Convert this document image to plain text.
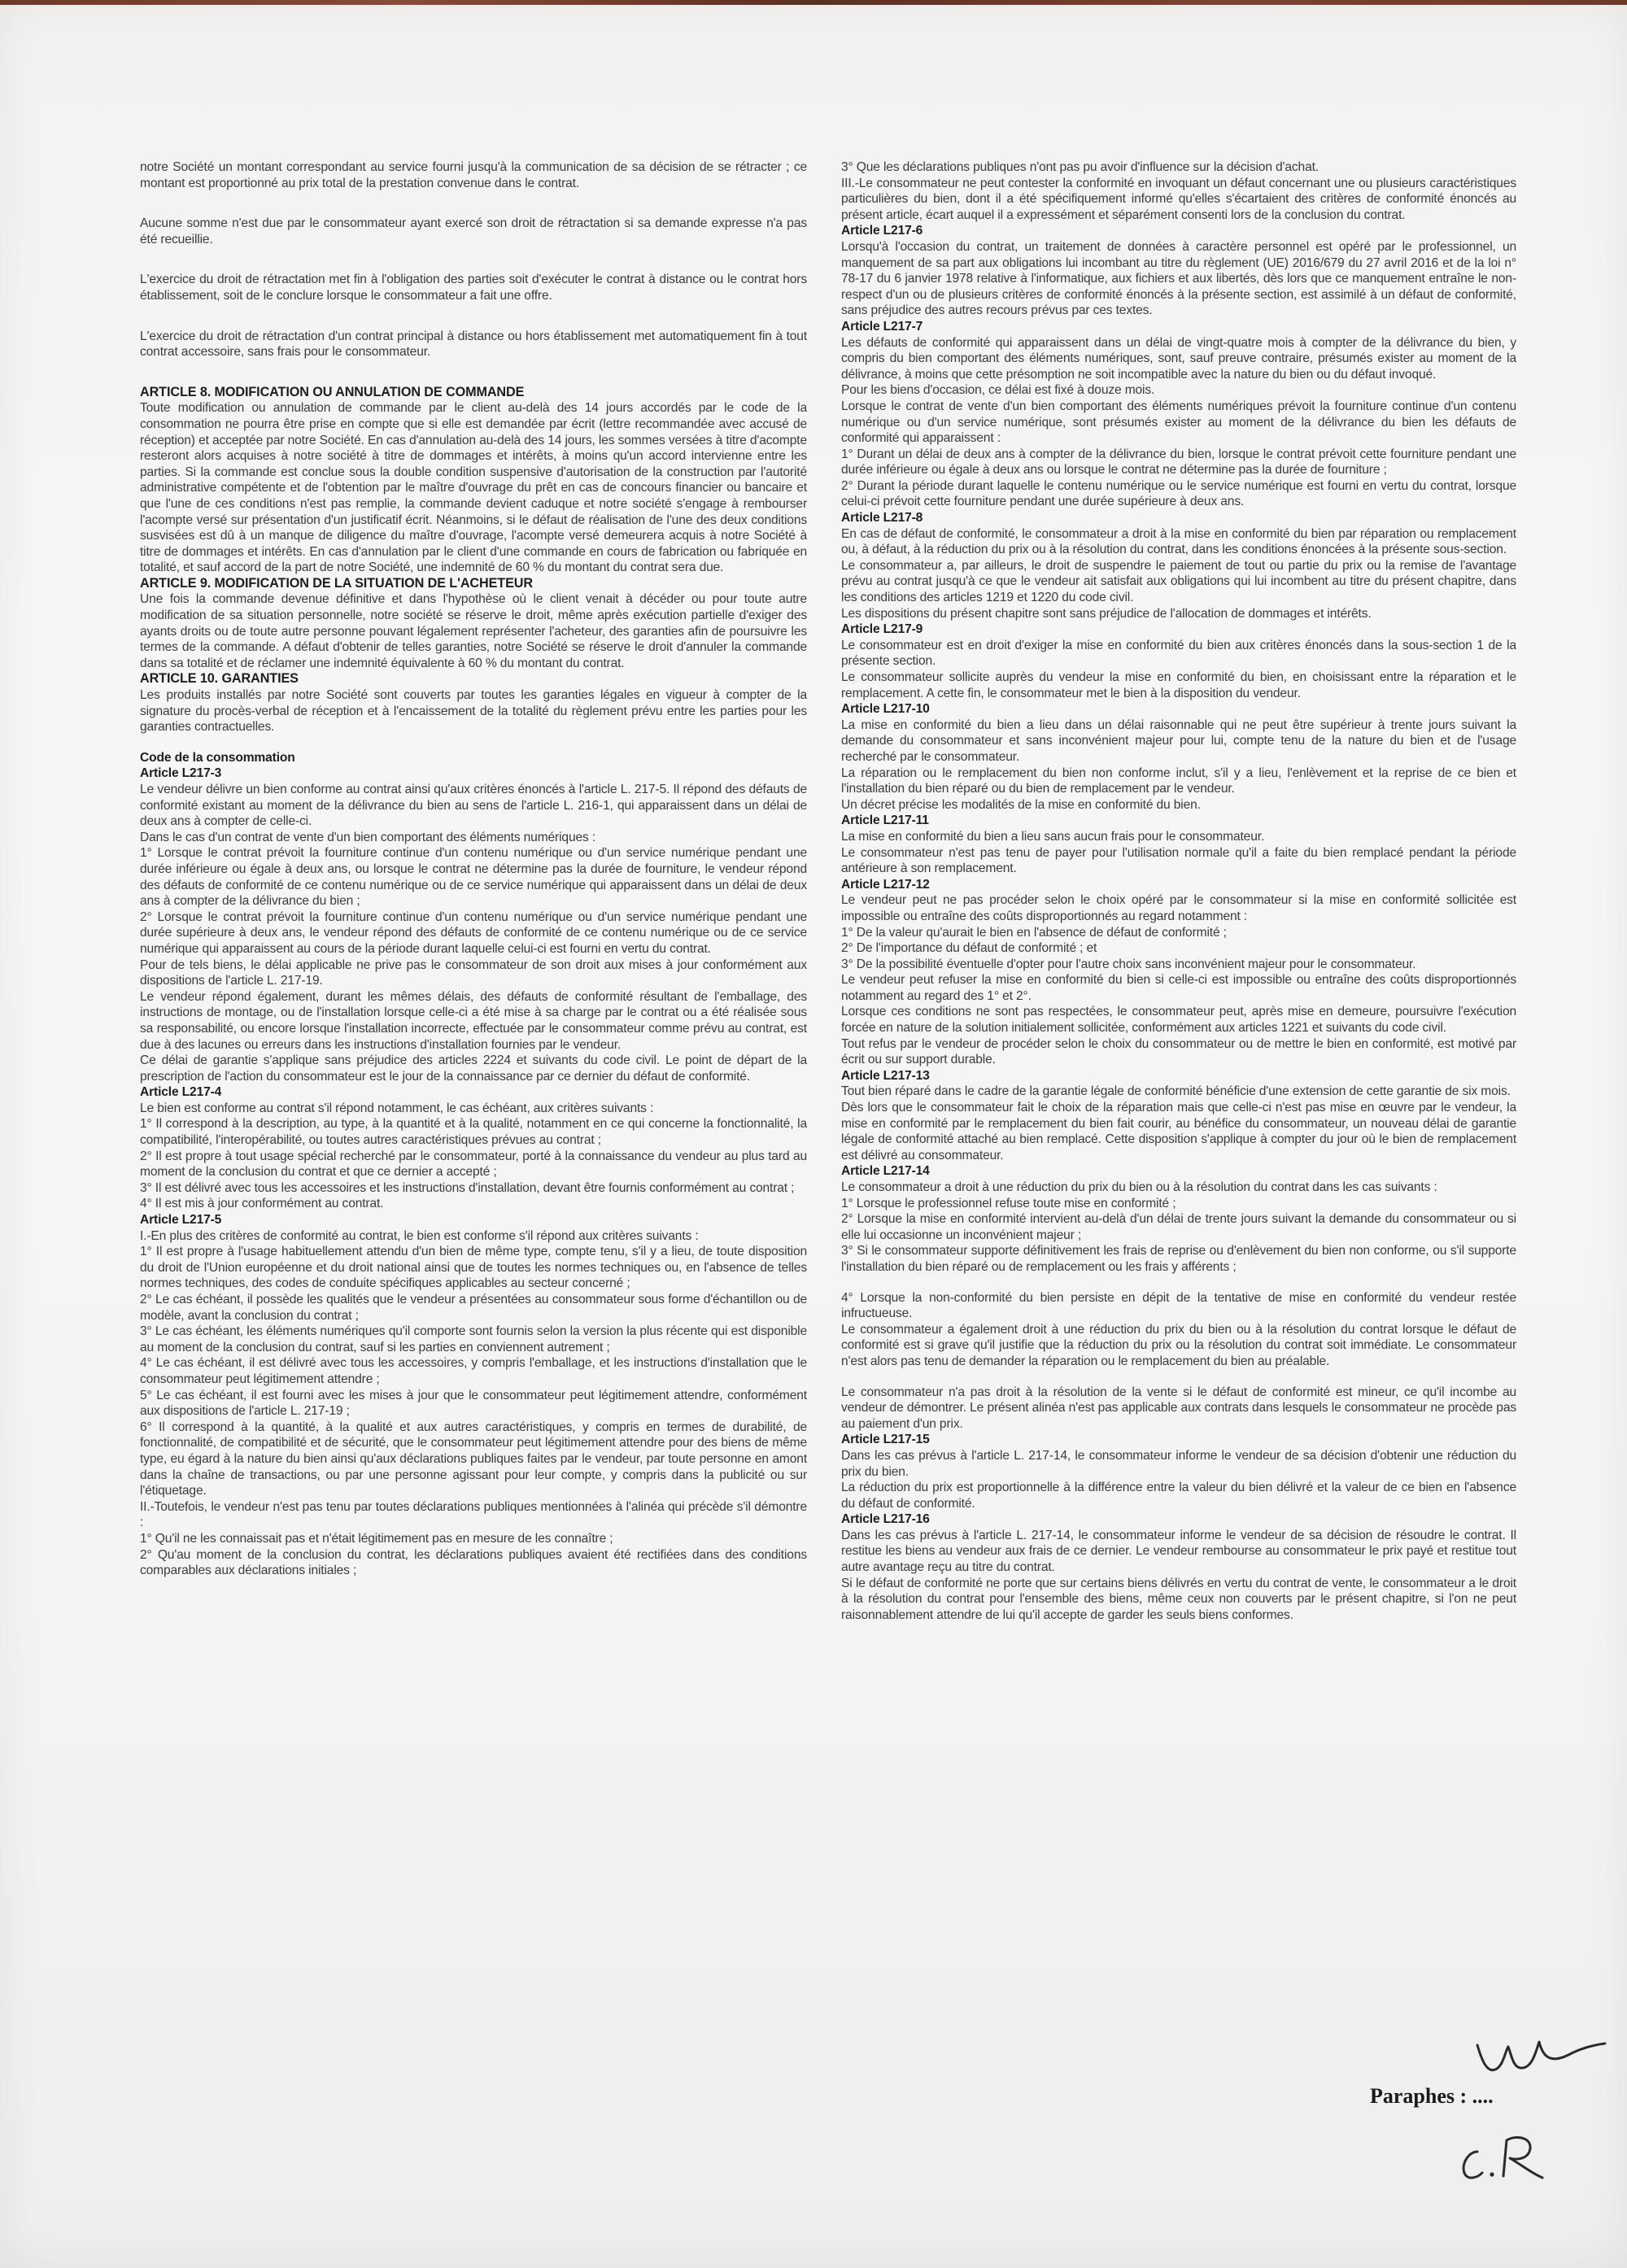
notre Société un montant correspondant au service fourni jusqu'à la communication de sa décision de se rétracter ; ce montant est proportionné au prix total de la prestation convenue dans le contrat.

Aucune somme n'est due par le consommateur ayant exercé son droit de rétractation si sa demande expresse n'a pas été recueillie.

L'exercice du droit de rétractation met fin à l'obligation des parties soit d'exécuter le contrat à distance ou le contrat hors établissement, soit de le conclure lorsque le consommateur a fait une offre.

L'exercice du droit de rétractation d'un contrat principal à distance ou hors établissement met automatiquement fin à tout contrat accessoire, sans frais pour le consommateur.

ARTICLE 8. MODIFICATION OU ANNULATION DE COMMANDE

Toute modification ou annulation de commande par le client au-delà des 14 jours accordés par le code de la consommation ne pourra être prise en compte que si elle est demandée par écrit (lettre recommandée avec accusé de réception) et acceptée par notre Société. En cas d'annulation au-delà des 14 jours, les sommes versées à titre d'acompte resteront alors acquises à notre société à titre de dommages et intérêts, à moins qu'un accord intervienne entre les parties. Si la commande est conclue sous la double condition suspensive d'autorisation de la construction par l'autorité administrative compétente et de l'obtention par le maître d'ouvrage du prêt en cas de concours financier ou bancaire et que l'une de ces conditions n'est pas remplie, la commande devient caduque et notre société s'engage à rembourser l'acompte versé sur présentation d'un justificatif écrit. Néanmoins, si le défaut de réalisation de l'une des deux conditions susvisées est dû à un manque de diligence du maître d'ouvrage, l'acompte versé demeurera acquis à notre Société à titre de dommages et intérêts. En cas d'annulation par le client d'une commande en cours de fabrication ou fabriquée en totalité, et sauf accord de la part de notre Société, une indemnité de 60 % du montant du contrat sera due.

ARTICLE 9. MODIFICATION DE LA SITUATION DE L'ACHETEUR

Une fois la commande devenue définitive et dans l'hypothèse où le client venait à décéder ou pour toute autre modification de sa situation personnelle, notre société se réserve le droit, même après exécution partielle d'exiger des ayants droits ou de toute autre personne pouvant légalement représenter l'acheteur, des garanties afin de poursuivre les termes de la commande. A défaut d'obtenir de telles garanties, notre Société se réserve le droit d'annuler la commande dans sa totalité et de réclamer une indemnité équivalente à 60 % du montant du contrat.

ARTICLE 10. GARANTIES

Les produits installés par notre Société sont couverts par toutes les garanties légales en vigueur à compter de la signature du procès-verbal de réception et à l'encaissement de la totalité du règlement prévu entre les parties pour les garanties contractuelles.

Code de la consommation

Article L217-3

Le vendeur délivre un bien conforme au contrat ainsi qu'aux critères énoncés à l'article L. 217-5. Il répond des défauts de conformité existant au moment de la délivrance du bien au sens de l'article L. 216-1, qui apparaissent dans un délai de deux ans à compter de celle-ci.

Dans le cas d'un contrat de vente d'un bien comportant des éléments numériques :

1° Lorsque le contrat prévoit la fourniture continue d'un contenu numérique ou d'un service numérique pendant une durée inférieure ou égale à deux ans, ou lorsque le contrat ne détermine pas la durée de fourniture, le vendeur répond des défauts de conformité de ce contenu numérique ou de ce service numérique qui apparaissent dans un délai de deux ans à compter de la délivrance du bien ;

2° Lorsque le contrat prévoit la fourniture continue d'un contenu numérique ou d'un service numérique pendant une durée supérieure à deux ans, le vendeur répond des défauts de conformité de ce contenu numérique ou de ce service numérique qui apparaissent au cours de la période durant laquelle celui-ci est fourni en vertu du contrat.

Pour de tels biens, le délai applicable ne prive pas le consommateur de son droit aux mises à jour conformément aux dispositions de l'article L. 217-19.

Le vendeur répond également, durant les mêmes délais, des défauts de conformité résultant de l'emballage, des instructions de montage, ou de l'installation lorsque celle-ci a été mise à sa charge par le contrat ou a été réalisée sous sa responsabilité, ou encore lorsque l'installation incorrecte, effectuée par le consommateur comme prévu au contrat, est due à des lacunes ou erreurs dans les instructions d'installation fournies par le vendeur.

Ce délai de garantie s'applique sans préjudice des articles 2224 et suivants du code civil. Le point de départ de la prescription de l'action du consommateur est le jour de la connaissance par ce dernier du défaut de conformité.

Article L217-4

Le bien est conforme au contrat s'il répond notamment, le cas échéant, aux critères suivants :

1° Il correspond à la description, au type, à la quantité et à la qualité, notamment en ce qui concerne la fonctionnalité, la compatibilité, l'interopérabilité, ou toutes autres caractéristiques prévues au contrat ;

2° Il est propre à tout usage spécial recherché par le consommateur, porté à la connaissance du vendeur au plus tard au moment de la conclusion du contrat et que ce dernier a accepté ;

3° Il est délivré avec tous les accessoires et les instructions d'installation, devant être fournis conformément au contrat ;

4° Il est mis à jour conformément au contrat.

Article L217-5

I.-En plus des critères de conformité au contrat, le bien est conforme s'il répond aux critères suivants :

1° Il est propre à l'usage habituellement attendu d'un bien de même type, compte tenu, s'il y a lieu, de toute disposition du droit de l'Union européenne et du droit national ainsi que de toutes les normes techniques ou, en l'absence de telles normes techniques, des codes de conduite spécifiques applicables au secteur concerné ;

2° Le cas échéant, il possède les qualités que le vendeur a présentées au consommateur sous forme d'échantillon ou de modèle, avant la conclusion du contrat ;

3° Le cas échéant, les éléments numériques qu'il comporte sont fournis selon la version la plus récente qui est disponible au moment de la conclusion du contrat, sauf si les parties en conviennent autrement ;

4° Le cas échéant, il est délivré avec tous les accessoires, y compris l'emballage, et les instructions d'installation que le consommateur peut légitimement attendre ;

5° Le cas échéant, il est fourni avec les mises à jour que le consommateur peut légitimement attendre, conformément aux dispositions de l'article L. 217-19 ;

6° Il correspond à la quantité, à la qualité et aux autres caractéristiques, y compris en termes de durabilité, de fonctionnalité, de compatibilité et de sécurité, que le consommateur peut légitimement attendre pour des biens de même type, eu égard à la nature du bien ainsi qu'aux déclarations publiques faites par le vendeur, par toute personne en amont dans la chaîne de transactions, ou par une personne agissant pour leur compte, y compris dans la publicité ou sur l'étiquetage.

II.-Toutefois, le vendeur n'est pas tenu par toutes déclarations publiques mentionnées à l'alinéa qui précède s'il démontre :

1° Qu'il ne les connaissait pas et n'était légitimement pas en mesure de les connaître ;

2° Qu'au moment de la conclusion du contrat, les déclarations publiques avaient été rectifiées dans des conditions comparables aux déclarations initiales ;

3° Que les déclarations publiques n'ont pas pu avoir d'influence sur la décision d'achat.

III.-Le consommateur ne peut contester la conformité en invoquant un défaut concernant une ou plusieurs caractéristiques particulières du bien, dont il a été spécifiquement informé qu'elles s'écartaient des critères de conformité énoncés au présent article, écart auquel il a expressément et séparément consenti lors de la conclusion du contrat.

Article L217-6

Lorsqu'à l'occasion du contrat, un traitement de données à caractère personnel est opéré par le professionnel, un manquement de sa part aux obligations lui incombant au titre du règlement (UE) 2016/679 du 27 avril 2016 et de la loi n° 78-17 du 6 janvier 1978 relative à l'informatique, aux fichiers et aux libertés, dès lors que ce manquement entraîne le non-respect d'un ou de plusieurs critères de conformité énoncés à la présente section, est assimilé à un défaut de conformité, sans préjudice des autres recours prévus par ces textes.

Article L217-7

Les défauts de conformité qui apparaissent dans un délai de vingt-quatre mois à compter de la délivrance du bien, y compris du bien comportant des éléments numériques, sont, sauf preuve contraire, présumés exister au moment de la délivrance, à moins que cette présomption ne soit incompatible avec la nature du bien ou du défaut invoqué.

Pour les biens d'occasion, ce délai est fixé à douze mois.

Lorsque le contrat de vente d'un bien comportant des éléments numériques prévoit la fourniture continue d'un contenu numérique ou d'un service numérique, sont présumés exister au moment de la délivrance du bien les défauts de conformité qui apparaissent :

1° Durant un délai de deux ans à compter de la délivrance du bien, lorsque le contrat prévoit cette fourniture pendant une durée inférieure ou égale à deux ans ou lorsque le contrat ne détermine pas la durée de fourniture ;

2° Durant la période durant laquelle le contenu numérique ou le service numérique est fourni en vertu du contrat, lorsque celui-ci prévoit cette fourniture pendant une durée supérieure à deux ans.

Article L217-8

En cas de défaut de conformité, le consommateur a droit à la mise en conformité du bien par réparation ou remplacement ou, à défaut, à la réduction du prix ou à la résolution du contrat, dans les conditions énoncées à la présente sous-section.

Le consommateur a, par ailleurs, le droit de suspendre le paiement de tout ou partie du prix ou la remise de l'avantage prévu au contrat jusqu'à ce que le vendeur ait satisfait aux obligations qui lui incombent au titre du présent chapitre, dans les conditions des articles 1219 et 1220 du code civil.

Les dispositions du présent chapitre sont sans préjudice de l'allocation de dommages et intérêts.

Article L217-9

Le consommateur est en droit d'exiger la mise en conformité du bien aux critères énoncés dans la sous-section 1 de la présente section.

Le consommateur sollicite auprès du vendeur la mise en conformité du bien, en choisissant entre la réparation et le remplacement. A cette fin, le consommateur met le bien à la disposition du vendeur.

Article L217-10

La mise en conformité du bien a lieu dans un délai raisonnable qui ne peut être supérieur à trente jours suivant la demande du consommateur et sans inconvénient majeur pour lui, compte tenu de la nature du bien et de l'usage recherché par le consommateur.

La réparation ou le remplacement du bien non conforme inclut, s'il y a lieu, l'enlèvement et la reprise de ce bien et l'installation du bien réparé ou du bien de remplacement par le vendeur.

Un décret précise les modalités de la mise en conformité du bien.

Article L217-11

La mise en conformité du bien a lieu sans aucun frais pour le consommateur.

Le consommateur n'est pas tenu de payer pour l'utilisation normale qu'il a faite du bien remplacé pendant la période antérieure à son remplacement.

Article L217-12

Le vendeur peut ne pas procéder selon le choix opéré par le consommateur si la mise en conformité sollicitée est impossible ou entraîne des coûts disproportionnés au regard notamment :

1° De la valeur qu'aurait le bien en l'absence de défaut de conformité ;

2° De l'importance du défaut de conformité ; et

3° De la possibilité éventuelle d'opter pour l'autre choix sans inconvénient majeur pour le consommateur.

Le vendeur peut refuser la mise en conformité du bien si celle-ci est impossible ou entraîne des coûts disproportionnés notamment au regard des 1° et 2°.

Lorsque ces conditions ne sont pas respectées, le consommateur peut, après mise en demeure, poursuivre l'exécution forcée en nature de la solution initialement sollicitée, conformément aux articles 1221 et suivants du code civil.

Tout refus par le vendeur de procéder selon le choix du consommateur ou de mettre le bien en conformité, est motivé par écrit ou sur support durable.

Article L217-13

Tout bien réparé dans le cadre de la garantie légale de conformité bénéficie d'une extension de cette garantie de six mois.

Dès lors que le consommateur fait le choix de la réparation mais que celle-ci n'est pas mise en œuvre par le vendeur, la mise en conformité par le remplacement du bien fait courir, au bénéfice du consommateur, un nouveau délai de garantie légale de conformité attaché au bien remplacé. Cette disposition s'applique à compter du jour où le bien de remplacement est délivré au consommateur.

Article L217-14

Le consommateur a droit à une réduction du prix du bien ou à la résolution du contrat dans les cas suivants :

1° Lorsque le professionnel refuse toute mise en conformité ;

2° Lorsque la mise en conformité intervient au-delà d'un délai de trente jours suivant la demande du consommateur ou si elle lui occasionne un inconvénient majeur ;

3° Si le consommateur supporte définitivement les frais de reprise ou d'enlèvement du bien non conforme, ou s'il supporte l'installation du bien réparé ou de remplacement ou les frais y afférents ;

4° Lorsque la non-conformité du bien persiste en dépit de la tentative de mise en conformité du vendeur restée infructueuse.

Le consommateur a également droit à une réduction du prix du bien ou à la résolution du contrat lorsque le défaut de conformité est si grave qu'il justifie que la réduction du prix ou la résolution du contrat soit immédiate. Le consommateur n'est alors pas tenu de demander la réparation ou le remplacement du bien au préalable.

Le consommateur n'a pas droit à la résolution de la vente si le défaut de conformité est mineur, ce qu'il incombe au vendeur de démontrer. Le présent alinéa n'est pas applicable aux contrats dans lesquels le consommateur ne procède pas au paiement d'un prix.

Article L217-15

Dans les cas prévus à l'article L. 217-14, le consommateur informe le vendeur de sa décision d'obtenir une réduction du prix du bien.

La réduction du prix est proportionnelle à la différence entre la valeur du bien délivré et la valeur de ce bien en l'absence du défaut de conformité.

Article L217-16

Dans les cas prévus à l'article L. 217-14, le consommateur informe le vendeur de sa décision de résoudre le contrat. Il restitue les biens au vendeur aux frais de ce dernier. Le vendeur rembourse au consommateur le prix payé et restitue tout autre avantage reçu au titre du contrat.

Si le défaut de conformité ne porte que sur certains biens délivrés en vertu du contrat de vente, le consommateur a le droit à la résolution du contrat pour l'ensemble des biens, même ceux non couverts par le présent chapitre, si l'on ne peut raisonnablement attendre de lui qu'il accepte de garder les seuls biens conformes.

Paraphes : ....
